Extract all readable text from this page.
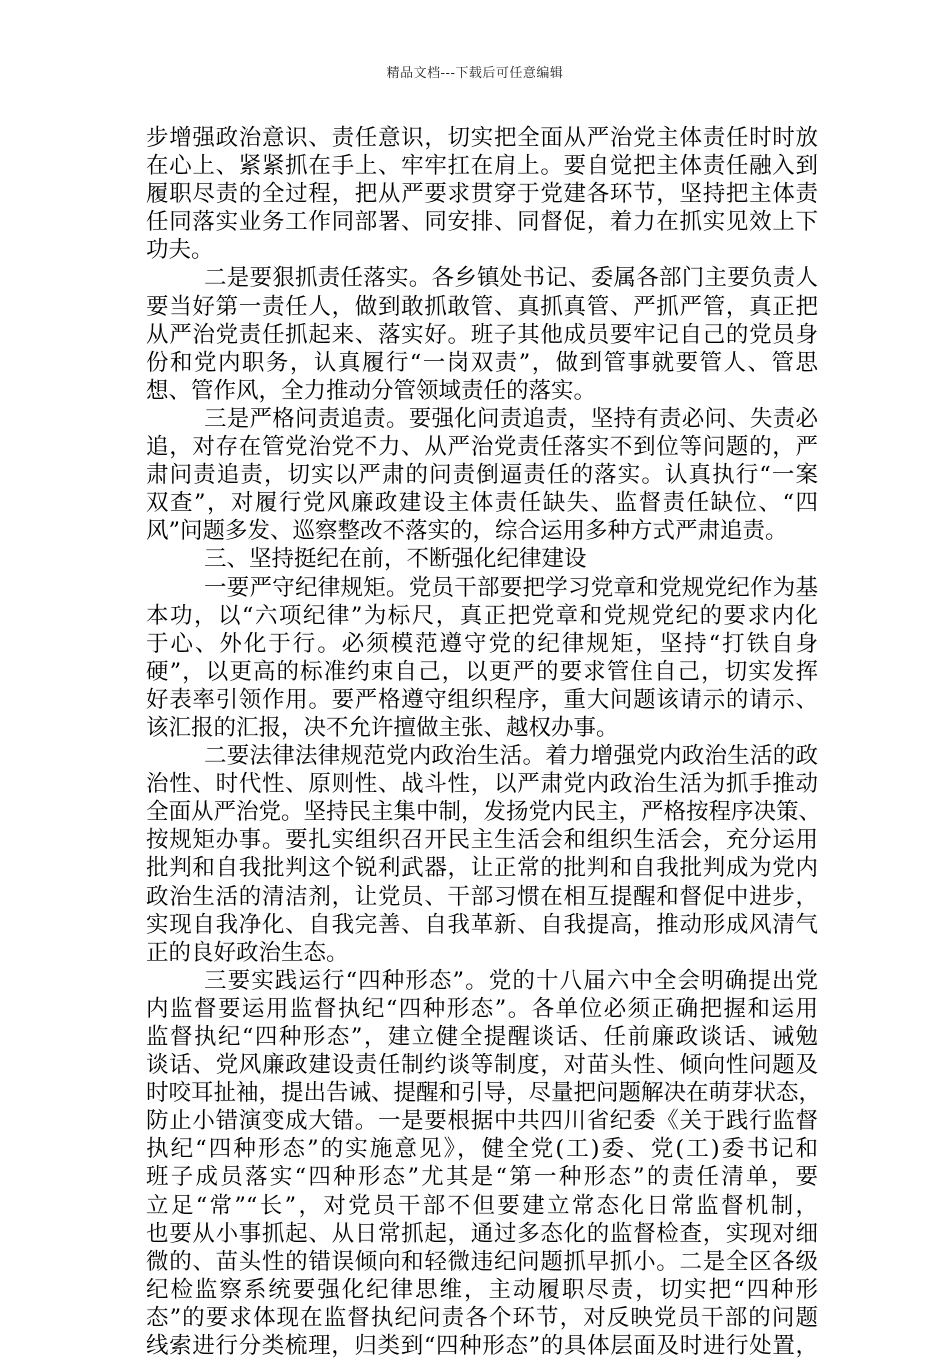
精品文档---下载后可任意编辑
步增强政治意识、责任意识，切实把全面从严治党主体责任时时放
在心上、紧紧抓在手上、牢牢扛在肩上。要自觉把主体责任融入到
履职尽责的全过程，把从严要求贯穿于党建各环节，坚持把主体责
任同落实业务工作同部署、同安排、同督促，着力在抓实见效上下
功夫。
二是要狠抓责任落实。各乡镇处书记、委属各部门主要负责人
要当好第一责任人，做到敢抓敢管、真抓真管、严抓严管，真正把
从严治党责任抓起来、落实好。班子其他成员要牢记自己的党员身
份和党内职务，认真履行“一岗双责”，做到管事就要管人、管思
想、管作风，全力推动分管领域责任的落实。
三是严格问责追责。要强化问责追责，坚持有责必问、失责必
追，对存在管党治党不力、从严治党责任落实不到位等问题的，严
肃问责追责，切实以严肃的问责倒逼责任的落实。认真执行“一案
双查”，对履行党风廉政建设主体责任缺失、监督责任缺位、“四
风”问题多发、巡察整改不落实的，综合运用多种方式严肃追责。
三、坚持挺纪在前，不断强化纪律建设
一要严守纪律规矩。党员干部要把学习党章和党规党纪作为基
本功，以“六项纪律”为标尺，真正把党章和党规党纪的要求内化
于心、外化于行。必须模范遵守党的纪律规矩，坚持“打铁自身
硬”，以更高的标准约束自己，以更严的要求管住自己，切实发挥
好表率引领作用。要严格遵守组织程序，重大问题该请示的请示、
该汇报的汇报，决不允许擅做主张、越权办事。
二要法律法律规范党内政治生活。着力增强党内政治生活的政
治性、时代性、原则性、战斗性，以严肃党内政治生活为抓手推动
全面从严治党。坚持民主集中制，发扬党内民主，严格按程序决策、
按规矩办事。要扎实组织召开民主生活会和组织生活会，充分运用
批判和自我批判这个锐利武器，让正常的批判和自我批判成为党内
政治生活的清洁剂，让党员、干部习惯在相互提醒和督促中进步，
实现自我净化、自我完善、自我革新、自我提高，推动形成风清气
正的良好政治生态。
三要实践运行“四种形态”。党的十八届六中全会明确提出党
内监督要运用监督执纪“四种形态”。各单位必须正确把握和运用
监督执纪“四种形态”，建立健全提醒谈话、任前廉政谈话、诫勉
谈话、党风廉政建设责任制约谈等制度，对苗头性、倾向性问题及
时咬耳扯袖，提出告诫、提醒和引导，尽量把问题解决在萌芽状态，
防止小错演变成大错。一是要根据中共四川省纪委《关于践行监督
执纪“四种形态”的实施意见》，健全党(工)委、党(工)委书记和
班子成员落实“四种形态”尤其是“第一种形态”的责任清单，要
立足“常”“长”，对党员干部不但要建立常态化日常监督机制，
也要从小事抓起、从日常抓起，通过多态化的监督检查，实现对细
微的、苗头性的错误倾向和轻微违纪问题抓早抓小。二是全区各级
纪检监察系统要强化纪律思维，主动履职尽责，切实把“四种形
态”的要求体现在监督执纪问责各个环节，对反映党员干部的问题
线索进行分类梳理，归类到“四种形态”的具体层面及时进行处置，
